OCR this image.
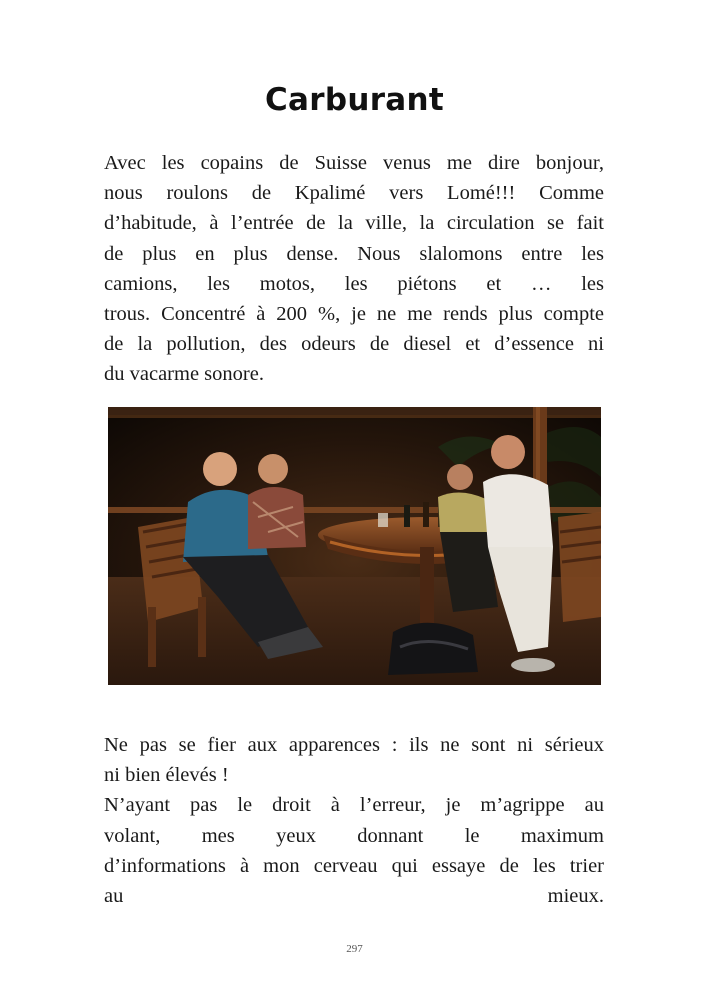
Carburant
Avec les copains de Suisse venus me dire bonjour,
nous roulons de Kpalimé vers Lomé!!! Comme
d’habitude, à l’entrée de la ville, la circulation se fait
de plus en plus dense. Nous slalomons entre les
camions, les motos, les piétons et … les
trous. Concentré à 200 %, je ne me rends plus compte
de la pollution, des odeurs de diesel et d’essence ni
du vacarme sonore.
Ne pas se fier aux apparences : ils ne sont ni sérieux
ni bien élevés !
N’ayant pas le droit à l’erreur, je m’agrippe au
volant, mes yeux donnant le maximum
d’informations à mon cerveau qui essaye de les trier
au mieux.
297
